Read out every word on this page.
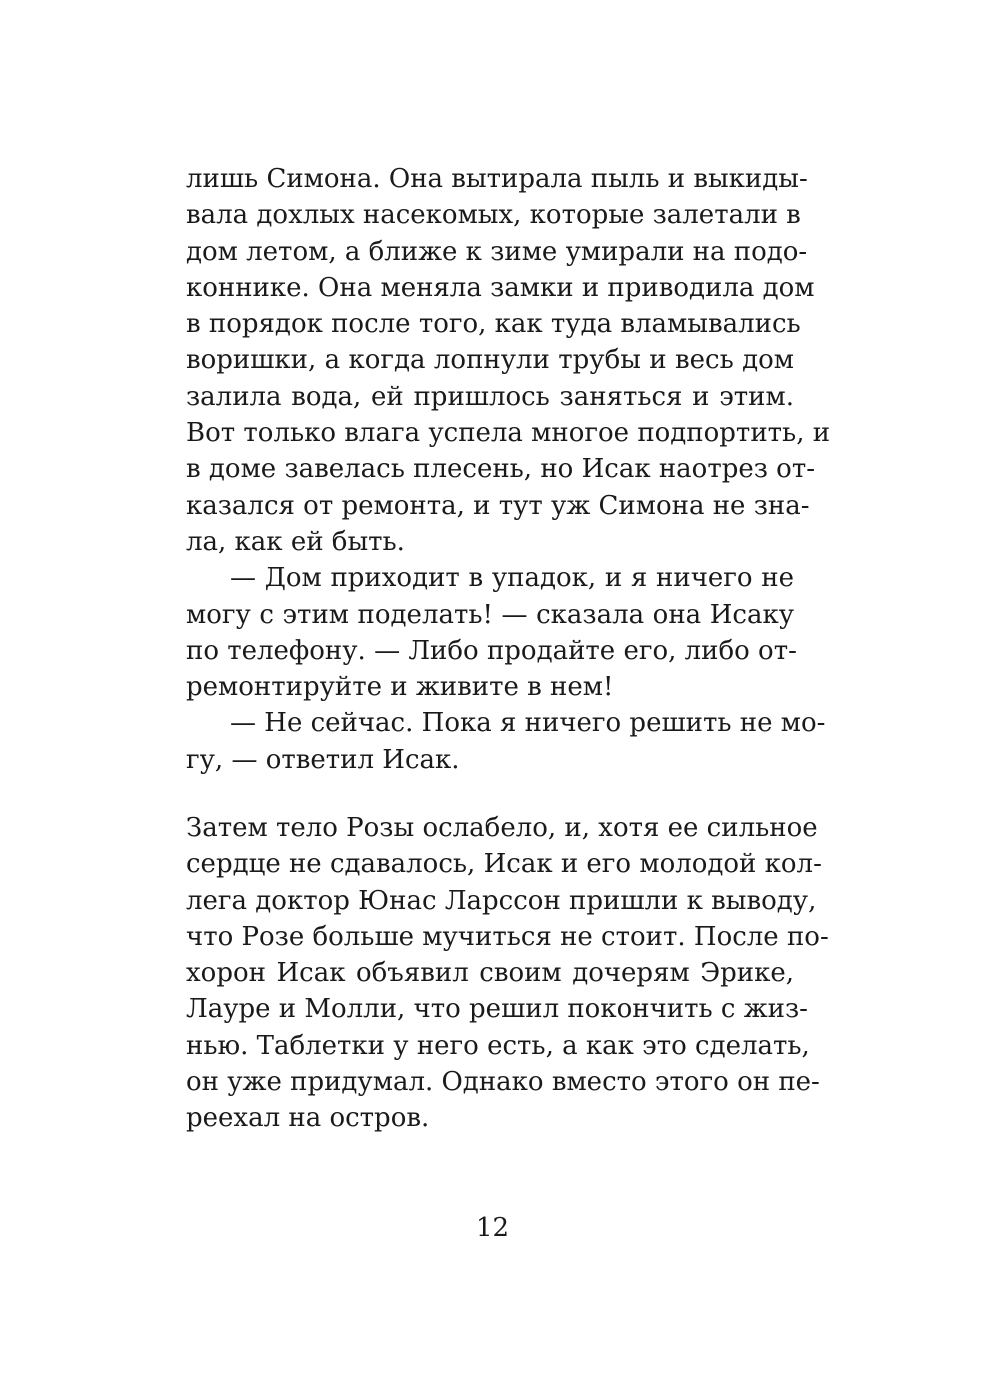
лишь Симона. Она вытирала пыль и выкиды-
вала дохлых насекомых, которые залетали в
дом летом, а ближе к зиме умирали на подо-
коннике. Она меняла замки и приводила дом
в порядок после того, как туда вламывались
воришки, а когда лопнули трубы и весь дом
залила вода, ей пришлось заняться и этим.
Вот только влага успела многое подпортить, и
в доме завелась плесень, но Исак наотрез от-
казался от ремонта, и тут уж Симона не зна-
ла, как ей быть.
— Дом приходит в упадок, и я ничего не
могу с этим поделать! — сказала она Исаку
по телефону. — Либо продайте его, либо от-
ремонтируйте и живите в нем!
— Не сейчас. Пока я ничего решить не мо-
гу, — ответил Исак.
Затем тело Розы ослабело, и, хотя ее сильное
сердце не сдавалось, Исак и его молодой кол-
лега доктор Юнас Ларссон пришли к выводу,
что Розе больше мучиться не стоит. После по-
хорон Исак объявил своим дочерям Эрике,
Лауре и Молли, что решил покончить с жиз-
нью. Таблетки у него есть, а как это сделать,
он уже придумал. Однако вместо этого он пе-
реехал на остров.
12
